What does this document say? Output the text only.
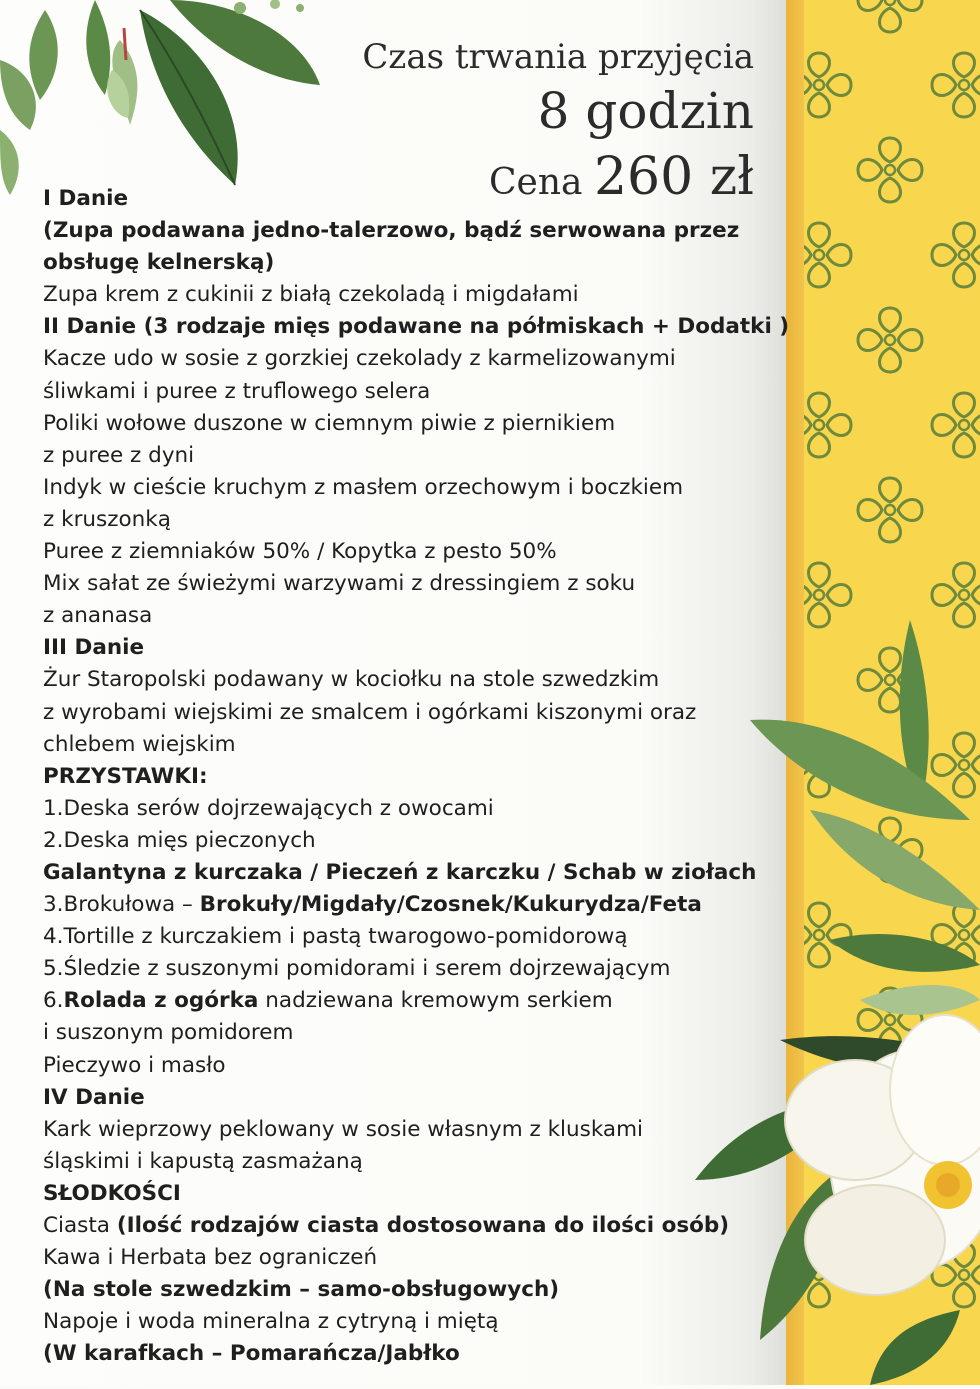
Czas trwania przyjęcia
8 godzin
Cena 260 zł
I Danie
(Zupa podawana jedno-talerzowo, bądź serwowana przez
obsługę kelnerską)
Zupa krem z cukinii z białą czekoladą i migdałami
II Danie (3 rodzaje mięs podawane na półmiskach + Dodatki )
Kacze udo w sosie z gorzkiej czekolady z karmelizowanymi
śliwkami i puree z truflowego selera
Poliki wołowe duszone w ciemnym piwie z piernikiem
z puree z dyni
Indyk w cieście kruchym z masłem orzechowym i boczkiem
z kruszonką
Puree z ziemniaków 50% / Kopytka z pesto 50%
Mix sałat ze świeżymi warzywami z dressingiem z soku
z ananasa
III Danie
Żur Staropolski podawany w kociołku na stole szwedzkim
z wyrobami wiejskimi ze smalcem i ogórkami kiszonymi oraz
chlebem wiejskim
PRZYSTAWKI:
1.Deska serów dojrzewających z owocami
2.Deska mięs pieczonych
Galantyna z kurczaka / Pieczeń z karczku / Schab w ziołach
3.Brokułowa – Brokuły/Migdały/Czosnek/Kukurydza/Feta
4.Tortille z kurczakiem i pastą twarogowo-pomidorową
5.Śledzie z suszonymi pomidorami i serem dojrzewającym
6.Rolada z ogórka nadziewana kremowym serkiem
i suszonym pomidorem
Pieczywo i masło
IV Danie
Kark wieprzowy peklowany w sosie własnym z kluskami
śląskimi i kapustą zasmażaną
SŁODKOŚCI
Ciasta (Ilość rodzajów ciasta dostosowana do ilości osób)
Kawa i Herbata bez ograniczeń
(Na stole szwedzkim – samo-obsługowych)
Napoje i woda mineralna z cytryną i miętą
(W karafkach – Pomarańcza/Jabłko
